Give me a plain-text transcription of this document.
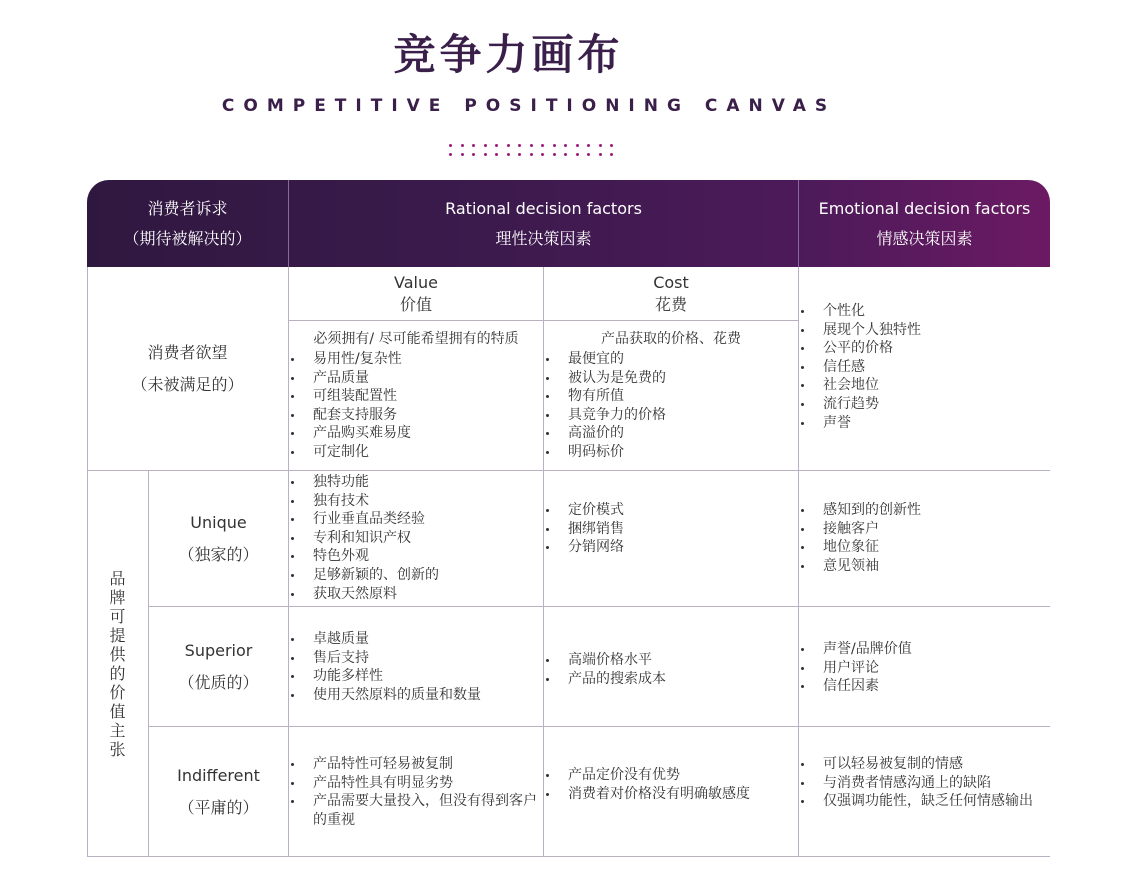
竞争力画布
COMPETITIVE POSITIONING CANVAS
消费者诉求
（期待被解决的）
Rational decision factors
理性决策因素
Emotional decision factors
情感决策因素
消费者欲望
（未被满足的）
Value
价值
Cost
花费
必须拥有/ 尽可能希望拥有的特质
易用性/复杂性
产品质量
可组装配置性
配套支持服务
产品购买难易度
可定制化
产品获取的价格、花费
最便宜的
被认为是免费的
物有所值
具竞争力的价格
高溢价的
明码标价
个性化
展现个人独特性
公平的价格
信任感
社会地位
流行趋势
声誉
品牌可提供的价值主张
Unique
（独家的）
独特功能
独有技术
行业垂直品类经验
专利和知识产权
特色外观
足够新颖的、创新的
获取天然原料
定价模式
捆绑销售
分销网络
感知到的创新性
接触客户
地位象征
意见领袖
Superior
（优质的）
卓越质量
售后支持
功能多样性
使用天然原料的质量和数量
高端价格水平
产品的搜索成本
声誉/品牌价值
用户评论
信任因素
Indifferent
（平庸的）
产品特性可轻易被复制
产品特性具有明显劣势
产品需要大量投入，但没有得到客户的重视
产品定价没有优势
消费着对价格没有明确敏感度
可以轻易被复制的情感
与消费者情感沟通上的缺陷
仅强调功能性，缺乏任何情感输出
